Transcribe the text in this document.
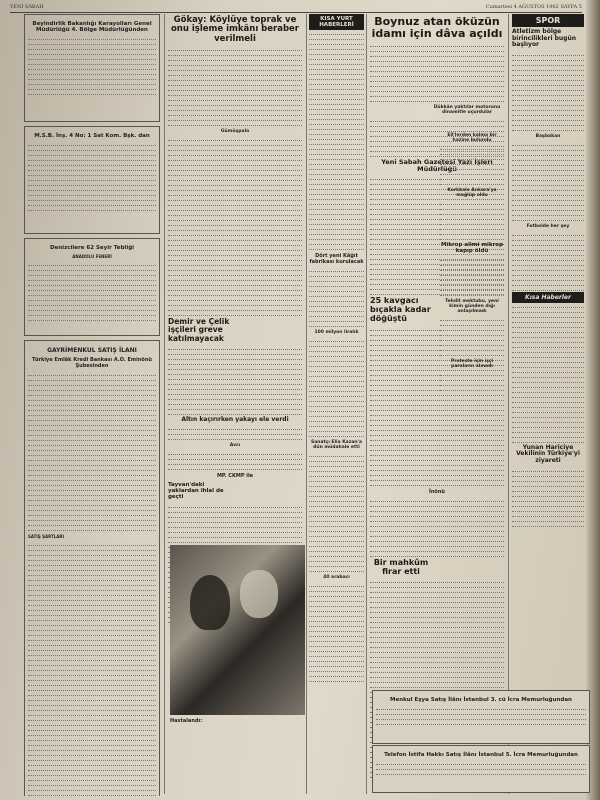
YENİ SABAH	Cumartesi 4 AĞUSTOS 1962 SAYFA 5
Beyindirlik Bakanlığı Karayolları Genel Müdürlüğü 4. Bölge Müdürlüğünden
M.S.B. İnş. 4 No: 1 Sat Kom. Bşk. dan
Denizcilere 62 Seyir Tebliği
ANADOLU FENERİ
GAYRİMENKUL SATIŞ İLANI
Türkiye Emlâk Kredi Bankası A.O. Eminönü Şubesinden
SATIŞ ŞARTLARI
Gökay: Köylüye toprak ve onu işleme imkânı beraber verilmeli
Gümüşpala
Demir ve Çelik işçileri greve katılmayacak
Altın kaçırırken yakayı ele verdi
Avcı
MP. CKMP ile
Tayvan'daki yaklardan ihlal de geçti
Hastalandı:
KISA YURT HABERLERİ
Dört yeni Kâğıt fabrikası kurulacak
100 milyon liralık
Sanatçı Elia Kazan'a dün müdahale etti
40 arabacı
Boynuz atan öküzün idamı için dâva açıldı
Dükkân yaktılar motorunu dinamitle uçurdular
Yeni Sabah Gazetesi Yazı İşleri Müdürlüğü
25 kavgacı bıçakla kadar döğüştü
İnönü
Bir mahkûm firar etti
SPOR
Atletizm bölge birincilikleri bugün başlıyor
Başbakan
Futbolde her şey
Kısa Haberler
Yunan Hariciye Vekilinin Türkiye'yi ziyareti
Ell'lerden kalma bir hazine bulundu
Korkkale Ankara'ya mağlûp oldu
Mikrop alimi mikrop kapıp öldü
Tehdit mektubu, yeni kimin günden dığı anlaşılmadı
Proteste için işçi paraların alınadı
Menkul Eşya Satış İlânı İstanbul 3. cü İcra Memurluğundan
Telefon İstifa Hakkı Satış İlânı İstanbul 5. İcra Memurluğundan
